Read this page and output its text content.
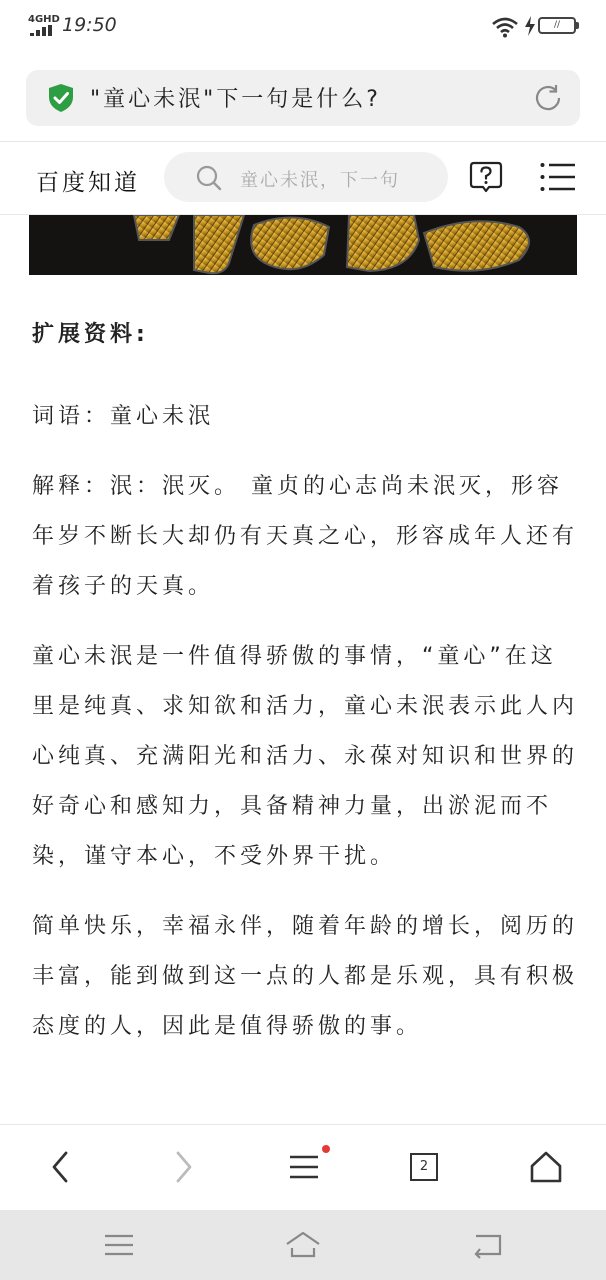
4GHD 19:50	//
"童心未泯"下一句是什么?
百度知道	童心未泯，下一句

扩展资料:

词语：童心未泯

解释：泯：泯灭。 童贞的心志尚未泯灭，形容年岁不断长大却仍有天真之心，形容成年人还有着孩子的天真。

童心未泯是一件值得骄傲的事情，“童心”在这里是纯真、求知欲和活力，童心未泯表示此人内心纯真、充满阳光和活力、永葆对知识和世界的好奇心和感知力，具备精神力量，出淤泥而不染，谨守本心，不受外界干扰。

简单快乐，幸福永伴，随着年龄的增长，阅历的丰富，能到做到这一点的人都是乐观，具有积极态度的人，因此是值得骄傲的事。

2
